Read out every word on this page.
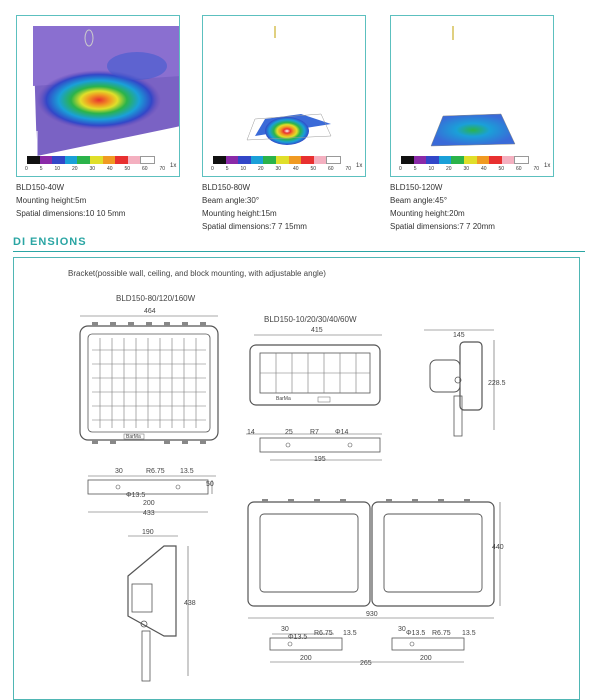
0 5 10 20 30 40 50 60 70 1x	0 5 10 20 30 40 50 60 70 1x	0 5 10 20 30 40 50 60 70 1x
BLD150-40W
Mounting height:5m
Spatial dimensions:10 10 5mm
BLD150-80W
Beam angle:30°
Mounting height:15m
Spatial dimensions:7 7 15mm
BLD150-120W
Beam angle:45°
Mounting height:20m
Spatial dimensions:7 7 20mm
DI ENSIONS
Bracket(possible wall, ceiling, and block mounting, with adjustable angle)
BLD150-80/120/160W
BLD150-10/20/30/40/60W
464
BarMa
30	R6.75 13.5
Φ13.5
200
433
50
415
BarMa
14	25 R7 Φ14
195
145
228.5
190
438
440
930
30
Φ13.5
R6.75 13.5
30
Φ13.5 R6.75 13.5
200
265
200
